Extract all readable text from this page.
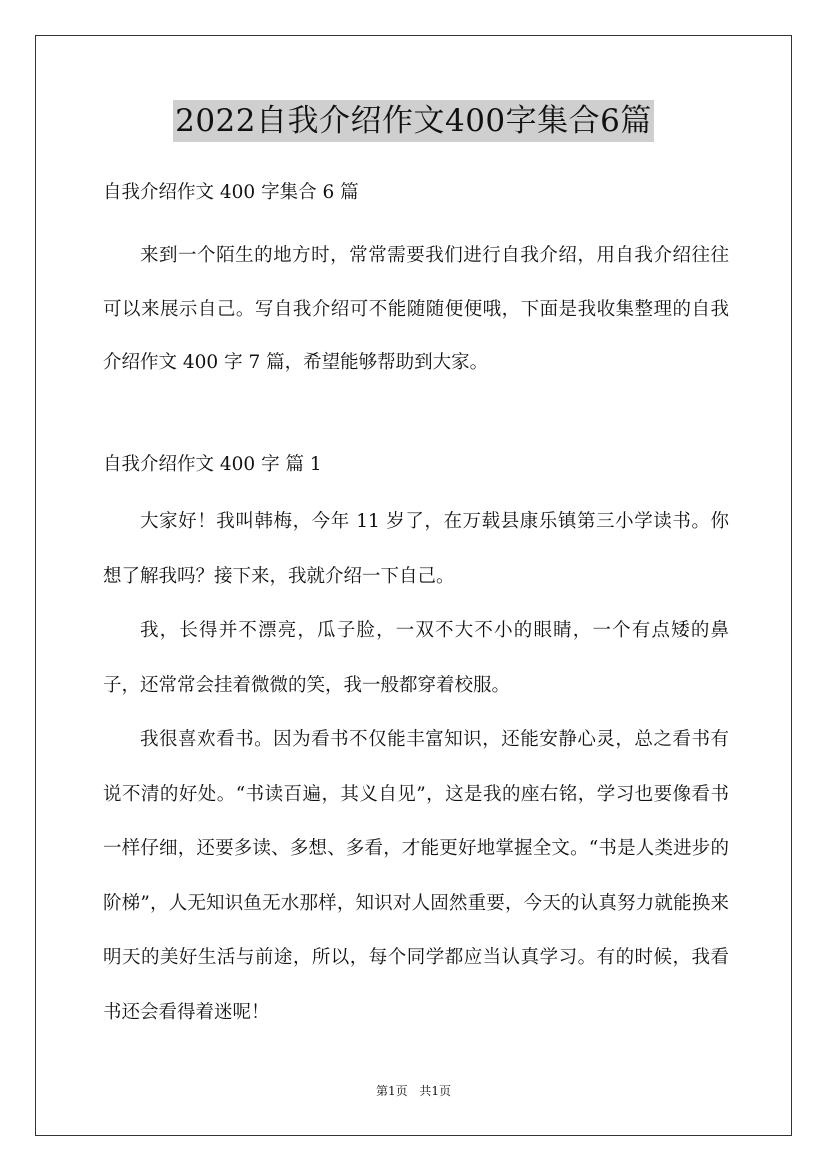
2022自我介绍作文400字集合6篇
自我介绍作文 400 字集合 6 篇

来到一个陌生的地方时，常常需要我们进行自我介绍，用自我介绍往往可以来展示自己。写自我介绍可不能随随便便哦，下面是我收集整理的自我介绍作文 400 字 7 篇，希望能够帮助到大家。

自我介绍作文 400 字 篇 1

大家好！我叫韩梅，今年 11 岁了，在万载县康乐镇第三小学读书。你想了解我吗？接下来，我就介绍一下自己。

我，长得并不漂亮，瓜子脸，一双不大不小的眼睛，一个有点矮的鼻子，还常常会挂着微微的笑，我一般都穿着校服。

我很喜欢看书。因为看书不仅能丰富知识，还能安静心灵，总之看书有说不清的好处。“书读百遍，其义自见”，这是我的座右铭，学习也要像看书一样仔细，还要多读、多想、多看，才能更好地掌握全文。“书是人类进步的阶梯”，人无知识鱼无水那样，知识对人固然重要，今天的认真努力就能换来明天的美好生活与前途，所以，每个同学都应当认真学习。有的时候，我看书还会看得着迷呢！

第1页 共1页
